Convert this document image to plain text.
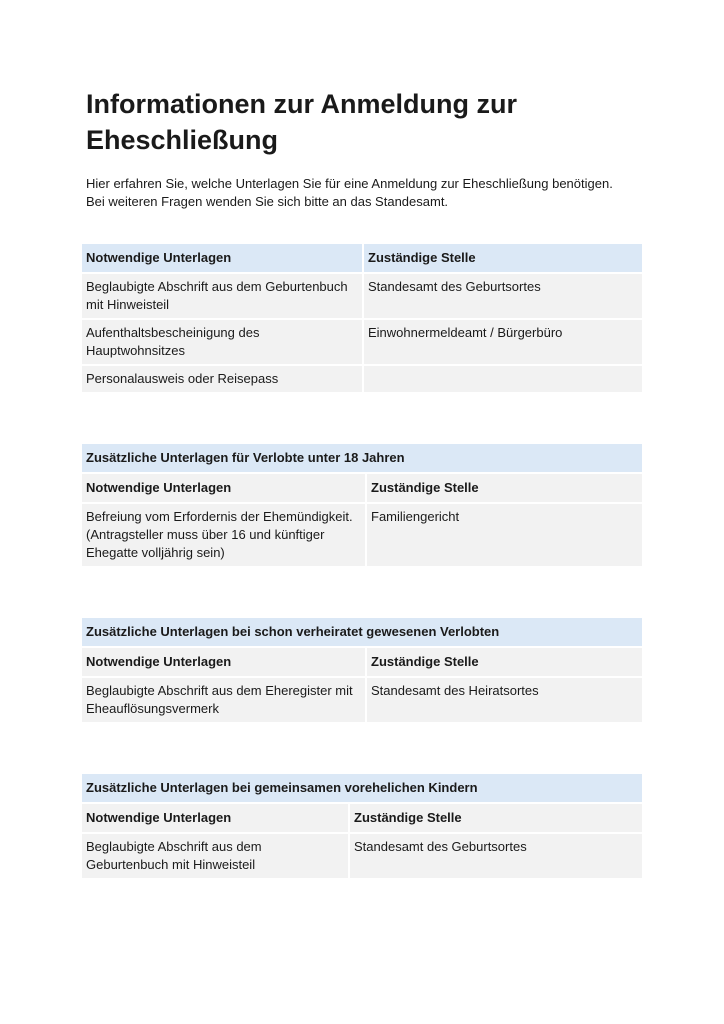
Informationen zur Anmeldung zur Eheschließung

Hier erfahren Sie, welche Unterlagen Sie für eine Anmeldung zur Eheschließung benötigen.

Bei weiteren Fragen wenden Sie sich bitte an das Standesamt.

Notwendige Unterlagen	Zuständige Stelle
Beglaubigte Abschrift aus dem Geburtenbuch mit Hinweisteil	Standesamt des Geburtsortes
Aufenthaltsbescheinigung des Hauptwohnsitzes	Einwohnermeldeamt / Bürgerbüro
Personalausweis oder Reisepass	
Zusätzliche Unterlagen für Verlobte unter 18 Jahren	
Notwendige Unterlagen	Zuständige Stelle
Befreiung vom Erfordernis der Ehemündigkeit. (Antragsteller muss über 16 und künftiger Ehegatte volljährig sein)	Familiengericht
Zusätzliche Unterlagen bei schon verheiratet gewesenen Verlobten	
Notwendige Unterlagen	Zuständige Stelle
Beglaubigte Abschrift aus dem Eheregister mit Eheauflösungsvermerk	Standesamt des Heiratsortes
Zusätzliche Unterlagen bei gemeinsamen vorehelichen Kindern	
Notwendige Unterlagen	Zuständige Stelle
Beglaubigte Abschrift aus dem Geburtenbuch mit Hinweisteil	Standesamt des Geburtsortes
